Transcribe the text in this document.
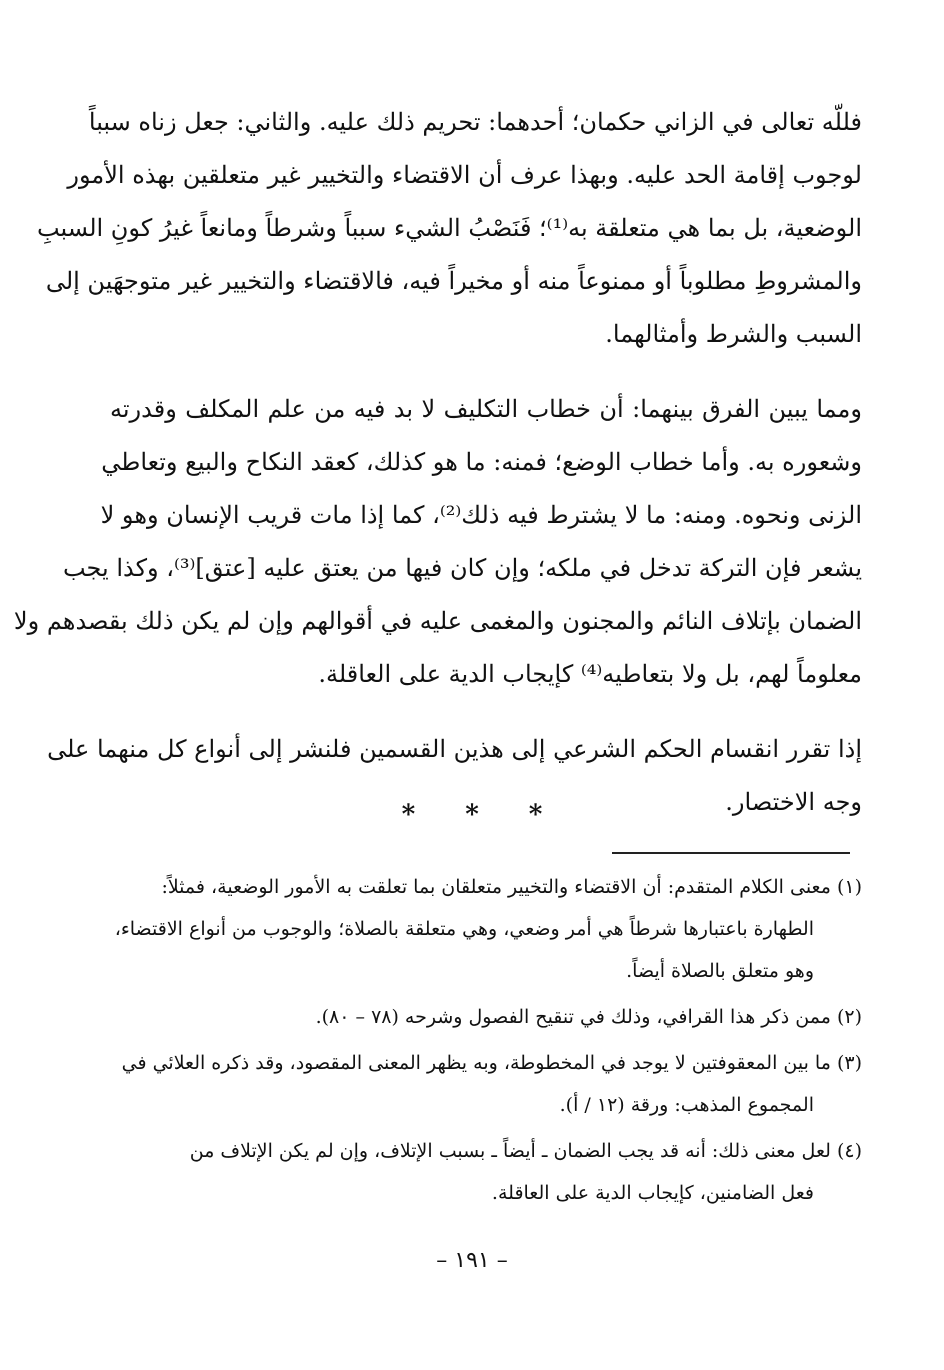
فللّه تعالى في الزاني حكمان؛ أحدهما: تحريم ذلك عليه. والثاني: جعل زناه سبباً

لوجوب إقامة الحد عليه. وبهذا عرف أن الاقتضاء والتخيير غير متعلقين بهذه الأمور

الوضعية، بل بما هي متعلقة به⁽¹⁾؛ فَنَصْبُ الشيء سبباً وشرطاً ومانعاً غيرُ كونِ السببِ

والمشروطِ مطلوباً أو ممنوعاً منه أو مخيراً فيه، فالاقتضاء والتخيير غير متوجهَين إلى

السبب والشرط وأمثالهما.

ومما يبين الفرق بينهما: أن خطاب التكليف لا بد فيه من علم المكلف وقدرته

وشعوره به. وأما خطاب الوضع؛ فمنه: ما هو كذلك، كعقد النكاح والبيع وتعاطي

الزنى ونحوه. ومنه: ما لا يشترط فيه ذلك⁽²⁾، كما إذا مات قريب الإنسان وهو لا

يشعر فإن التركة تدخل في ملكه؛ وإن كان فيها من يعتق عليه [عتق]⁽³⁾، وكذا يجب

الضمان بإتلاف النائم والمجنون والمغمى عليه في أقوالهم وإن لم يكن ذلك بقصدهم ولا

معلوماً لهم، بل ولا بتعاطيه⁽⁴⁾ كإيجاب الدية على العاقلة.

إذا تقرر انقسام الحكم الشرعي إلى هذين القسمين فلنشر إلى أنواع كل منهما على

وجه الاختصار.

* * *

(١) معنى الكلام المتقدم: أن الاقتضاء والتخيير متعلقان بما تعلقت به الأمور الوضعية، فمثلاً:

الطهارة باعتبارها شرطاً هي أمر وضعي، وهي متعلقة بالصلاة؛ والوجوب من أنواع الاقتضاء،

وهو متعلق بالصلاة أيضاً.

(٢) ممن ذكر هذا القرافي، وذلك في تنقيح الفصول وشرحه (٧٨ – ٨٠).

(٣) ما بين المعقوفتين لا يوجد في المخطوطة، وبه يظهر المعنى المقصود، وقد ذكره العلائي في

المجموع المذهب: ورقة (١٢ / أ).

(٤) لعل معنى ذلك: أنه قد يجب الضمان ـ أيضاً ـ بسبب الإتلاف، وإن لم يكن الإتلاف من

فعل الضامنين، كإيجاب الدية على العاقلة.

– ١٩١ –
